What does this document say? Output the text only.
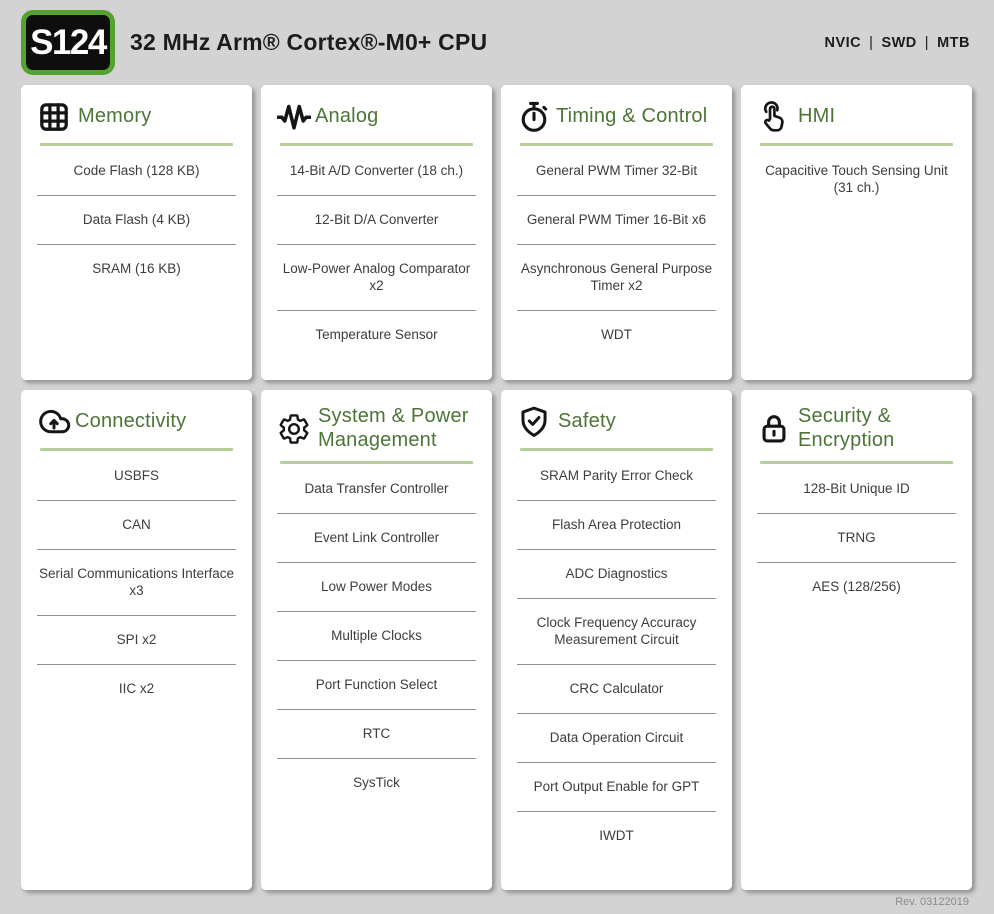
S124 32 MHz Arm® Cortex®-M0+ CPU	NVIC | SWD | MTB
Memory
Code Flash (128 KB)
Data Flash (4 KB)
SRAM (16 KB)
Analog
14-Bit A/D Converter (18 ch.)
12-Bit D/A Converter
Low-Power Analog Comparator x2
Temperature Sensor
Timing & Control
General PWM Timer 32-Bit
General PWM Timer 16-Bit x6
Asynchronous General Purpose Timer x2
WDT
HMI
Capacitive Touch Sensing Unit (31 ch.)
Connectivity
USBFS
CAN
Serial Communications Interface x3
SPI x2
IIC x2
System & Power Management
Data Transfer Controller
Event Link Controller
Low Power Modes
Multiple Clocks
Port Function Select
RTC
SysTick
Safety
SRAM Parity Error Check
Flash Area Protection
ADC Diagnostics
Clock Frequency Accuracy Measurement Circuit
CRC Calculator
Data Operation Circuit
Port Output Enable for GPT
IWDT
Security & Encryption
128-Bit Unique ID
TRNG
AES (128/256)
Rev. 03122019
